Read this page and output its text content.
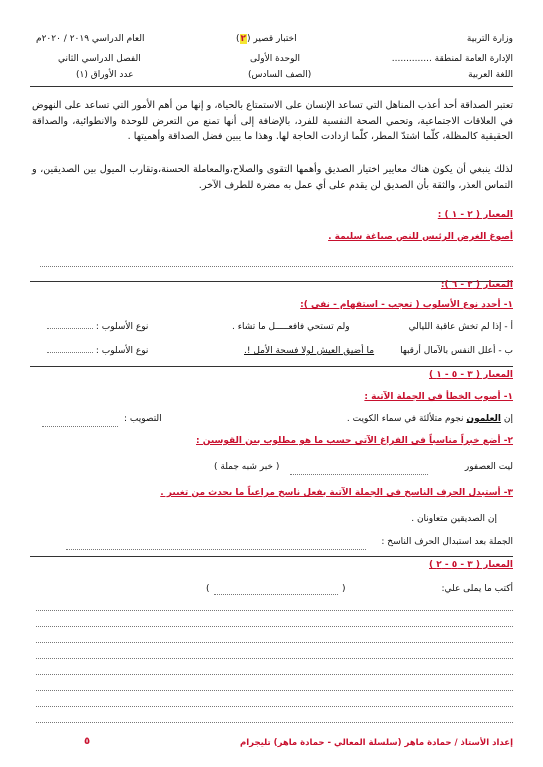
وزارة التربية
الإدارة العامة لمنطقة ..............
اللغة العربية
اختبار قصير (٢)
الوحدة الأولى
(الصف السادس)
العام الدراسي ٢٠١٩ / ٢٠٢٠م
الفصل الدراسي الثاني
عدد الأوراق (١)
تعتبر الصداقة أحد أعذب المناهل التي تساعد الإنسان على الاستمتاع بالحياة، و إنها من أهم الأمور التي تساعد على النهوض في العلاقات الاجتماعية، وتحمي الصحة النفسية للفرد، بالإضافة إلى أنها تمنع من التعرض للوحدة والانطوائية، والصداقة الحقيقية كالمظلة، كلّما اشتدّ المطر، كلّما ازدادت الحاجة لها. وهذا ما يبين فضل الصداقة وأهميتها .
لذلك ينبغي أن يكون هناك معايير اختيار الصديق وأهمها التقوى والصلاح،والمعاملة الحسنة،وتقارب الميول بين الصديقين، و التماس العذر، والثقة بأن الصديق لن يقدم على أي عمل به مضرة للطرف الآخر.
المعيار ( ٢ - ١ ) :
أصوغ الغرض الرئيس للنص صياغة سليمة .
المعيار ( ٢ - ٦ ):
١- أحدد نوع الأسلوب ( تعجب - استفهام - نفي ):
أ - إذا لم تخش عاقبة الليالي
ولم تستحي فافعـــــل ما تشاء .
نوع الأسلوب :
ب - أعلل النفس بالآمال أرقبها
ما أضيق العيش لولا فسحة الأمل !.
نوع الأسلوب :
المعيار ( ٣ - ٥ - ١ )
١- أصوب الخطأ في الجملة الآتية :
إن العلمون نجوم متلألئة في سماء الكويت .
التصويب :
٢- أضع خبراً مناسباً في الفراغ الآتي حسب ما هو مطلوب بين القوسين :
ليت العصفور
( خبر شبه جملة )
٣- أستبدل الحرف الناسخ في الجملة الآتية بفعل ناسخ مراعياً ما يحدث من تغيير .
إن الصديقين متعاونان .
الجملة بعد استبدال الحرف الناسخ :
المعيار ( ٣ - ٥ - ٢ )
أكتب ما يملى علي:
(
)
إعداد الأستاذ / حمادة ماهر (سلسلة المعالي - حمادة ماهر) تليجرام
٥
